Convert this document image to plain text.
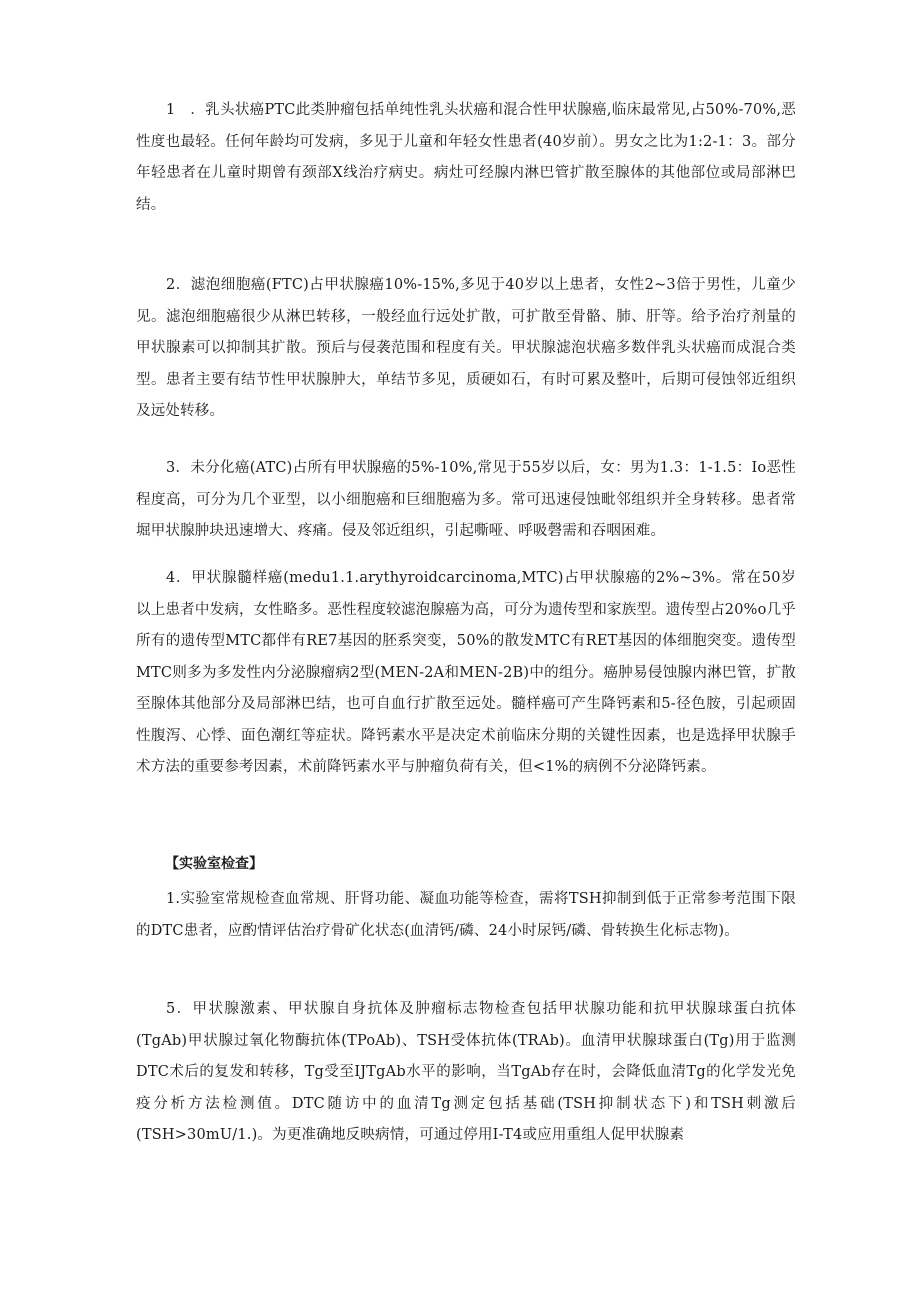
1　．乳头状癌PTC此类肿瘤包括单纯性乳头状癌和混合性甲状腺癌,临床最常见,占50%-70%,恶性度也最轻。任何年龄均可发病，多见于儿童和年轻女性患者(40岁前）。男女之比为1:2-1：3。部分年轻患者在儿童时期曾有颈部X线治疗病史。病灶可经腺内淋巴管扩散至腺体的其他部位或局部淋巴结。

2．滤泡细胞癌(FTC)占甲状腺癌10%-15%,多见于40岁以上患者，女性2~3倍于男性，儿童少见。滤泡细胞癌很少从淋巴转移，一般经血行远处扩散，可扩散至骨骼、肺、肝等。给予治疗剂量的甲状腺素可以抑制其扩散。预后与侵袭范围和程度有关。甲状腺滤泡状癌多数伴乳头状癌而成混合类型。患者主要有结节性甲状腺肿大，单结节多见，质硬如石，有时可累及整叶，后期可侵蚀邻近组织及远处转移。

3．未分化癌(ATC)占所有甲状腺癌的5%-10%,常见于55岁以后，女：男为1.3：1-1.5：Io恶性程度高，可分为几个亚型，以小细胞癌和巨细胞癌为多。常可迅速侵蚀毗邻组织并全身转移。患者常堀甲状腺肿块迅速增大、疼痛。侵及邻近组织，引起嘶哑、呼吸磬需和吞咽困难。

4．甲状腺髓样癌(medu1.1.arythyroidcarcinoma,MTC)占甲状腺癌的2%~3%。常在50岁以上患者中发病，女性略多。恶性程度较滤泡腺癌为高，可分为遗传型和家族型。遗传型占20%o几乎所有的遗传型MTC都伴有RE7基因的胚系突变，50%的散发MTC有RET基因的体细胞突变。遗传型MTC则多为多发性内分泌腺瘤病2型(MEN-2A和MEN-2B)中的组分。癌肿易侵蚀腺内淋巴管，扩散至腺体其他部分及局部淋巴结，也可自血行扩散至远处。髓样癌可产生降钙素和5-径色胺，引起顽固性腹泻、心悸、面色潮红等症状。降钙素水平是决定术前临床分期的关键性因素，也是选择甲状腺手术方法的重要参考因素，术前降钙素水平与肿瘤负荷有关，但<1%的病例不分泌降钙素。

【实验室检查】

1.实验室常规检查血常规、肝肾功能、凝血功能等检查，需将TSH抑制到低于正常参考范围下限的DTC患者，应酌情评估治疗骨矿化状态(血清钙/磷、24小时尿钙/磷、骨转换生化标志物)。

5．甲状腺激素、甲状腺自身抗体及肿瘤标志物检查包括甲状腺功能和抗甲状腺球蛋白抗体(TgAb)甲状腺过氧化物酶抗体(TPoAb)、TSH受体抗体(TRAb)。血清甲状腺球蛋白(Tg)用于监测DTC术后的复发和转移，Tg受至IJTgAb水平的影响，当TgAb存在时，会降低血清Tg的化学发光免疫分析方法检测值。DTC随访中的血清Tg测定包括基础(TSH抑制状态下)和TSH刺激后(TSH>30mU/1.)。为更准确地反映病情，可通过停用I-T4或应用重组人促甲状腺素
